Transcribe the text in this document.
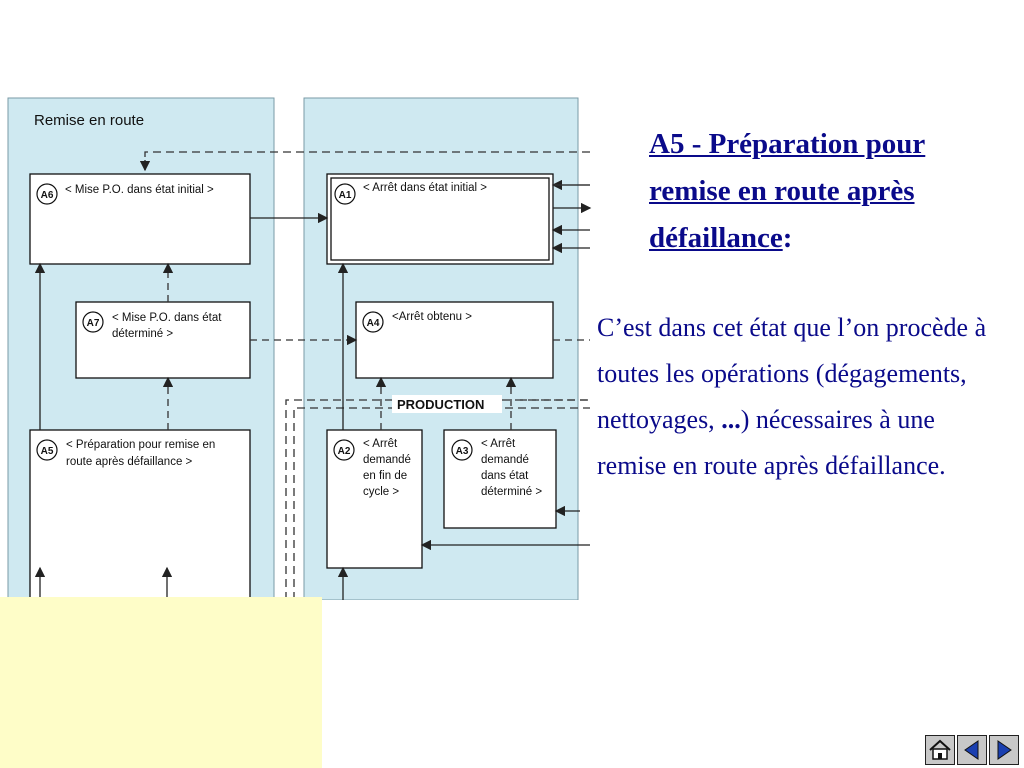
Remise en route
PRODUCTION
A6 < Mise P.O. dans état initial >
A7 < Mise P.O. dans état
déterminé >
A5
< Préparation pour remise en
route après défaillance >
A1
< Arrêt dans état initial >
A4
<Arrêt obtenu >
A2
< Arrêt
demandé
en fin de
cycle >
A3
< Arrêt
demandé
dans état
déterminé >
A5 - Préparation pour remise en route après défaillance:
C’est dans cet état que l’on procède à toutes les opérations (dégagements, nettoyages, ...) nécessaires à une remise en route après défaillance.
